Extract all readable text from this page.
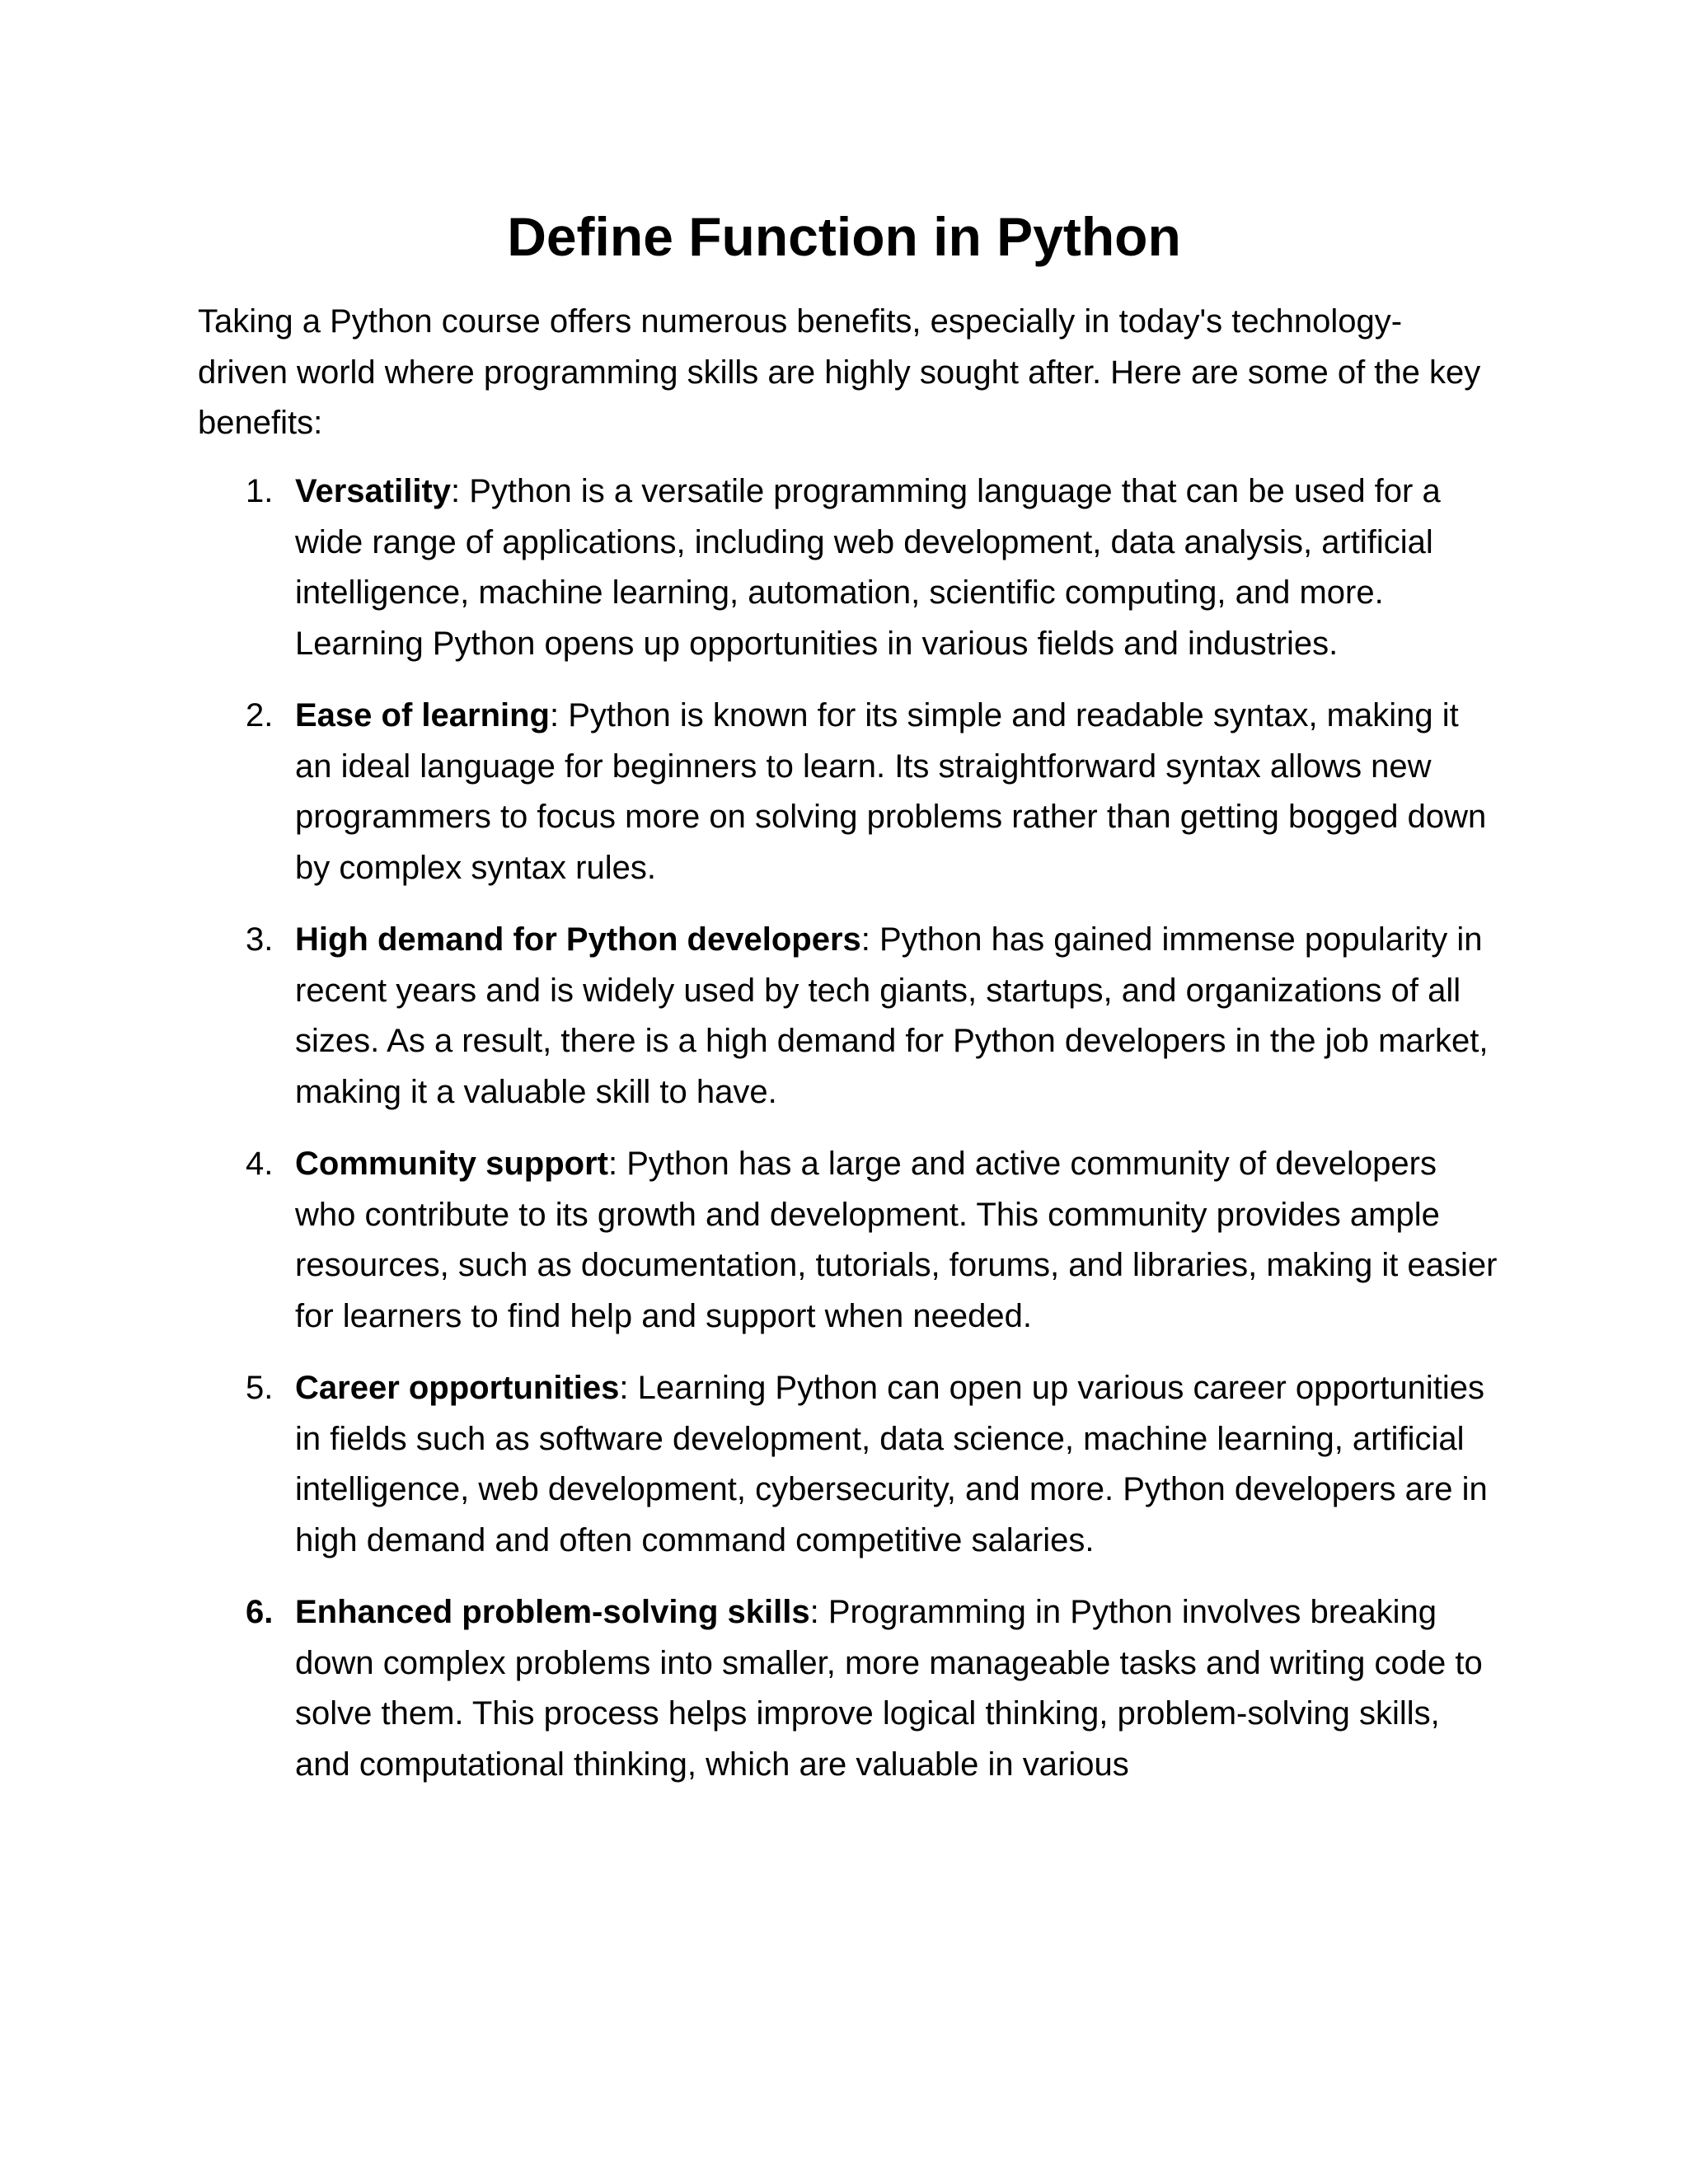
Define Function in Python

Taking a Python course offers numerous benefits, especially in today's technology-driven world where programming skills are highly sought after. Here are some of the key benefits:

1. Versatility: Python is a versatile programming language that can be used for a wide range of applications, including web development, data analysis, artificial intelligence, machine learning, automation, scientific computing, and more. Learning Python opens up opportunities in various fields and industries.
2. Ease of learning: Python is known for its simple and readable syntax, making it an ideal language for beginners to learn. Its straightforward syntax allows new programmers to focus more on solving problems rather than getting bogged down by complex syntax rules.
3. High demand for Python developers: Python has gained immense popularity in recent years and is widely used by tech giants, startups, and organizations of all sizes. As a result, there is a high demand for Python developers in the job market, making it a valuable skill to have.
4. Community support: Python has a large and active community of developers who contribute to its growth and development. This community provides ample resources, such as documentation, tutorials, forums, and libraries, making it easier for learners to find help and support when needed.
5. Career opportunities: Learning Python can open up various career opportunities in fields such as software development, data science, machine learning, artificial intelligence, web development, cybersecurity, and more. Python developers are in high demand and often command competitive salaries.
6. Enhanced problem-solving skills: Programming in Python involves breaking down complex problems into smaller, more manageable tasks and writing code to solve them. This process helps improve logical thinking, problem-solving skills, and computational thinking, which are valuable in various
